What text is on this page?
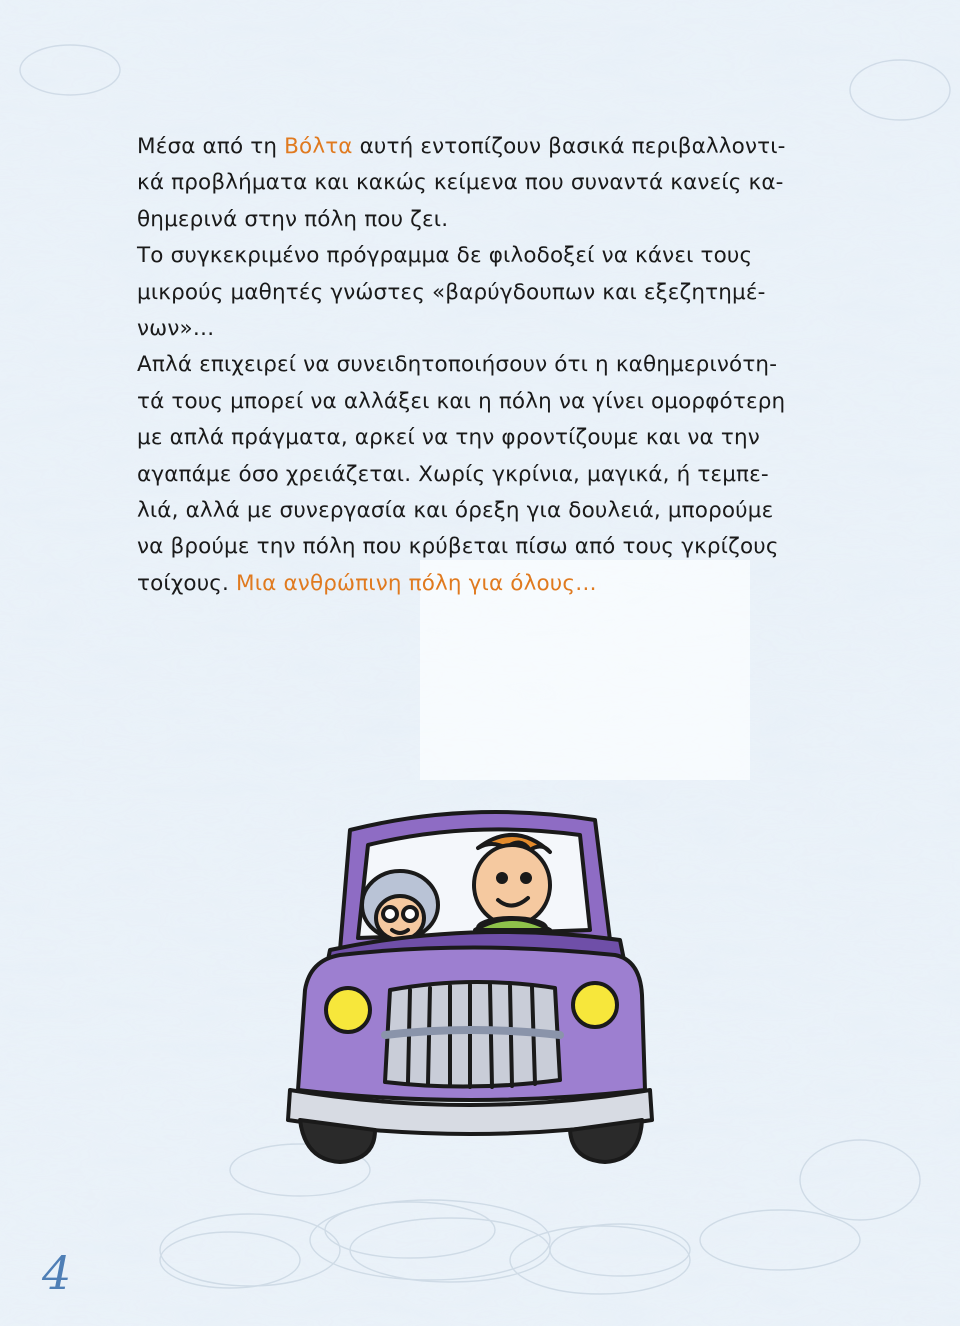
Μέσα από τη Βόλτα αυτή εντοπίζουν βασικά περιβαλλοντι-
κά προβλήματα και κακώς κείμενα που συναντά κανείς κα-
θημερινά στην πόλη που ζει.
Το συγκεκριμένο πρόγραμμα δε φιλοδοξεί να κάνει τους
μικρούς μαθητές γνώστες «βαρύγδουπων και εξεζητημέ-
νων»…
Απλά επιχειρεί να συνειδητοποιήσουν ότι η καθημερινότη-
τά τους μπορεί να αλλάξει και η πόλη να γίνει ομορφότερη
με απλά πράγματα, αρκεί να την φροντίζουμε και να την
αγαπάμε όσο χρειάζεται. Χωρίς γκρίνια, μαγικά, ή τεμπε-
λιά, αλλά με συνεργασία και όρεξη για δουλειά, μπορούμε
να βρούμε την πόλη που κρύβεται πίσω από τους γκρίζους
τοίχους. Μια ανθρώπινη πόλη για όλους…

4
